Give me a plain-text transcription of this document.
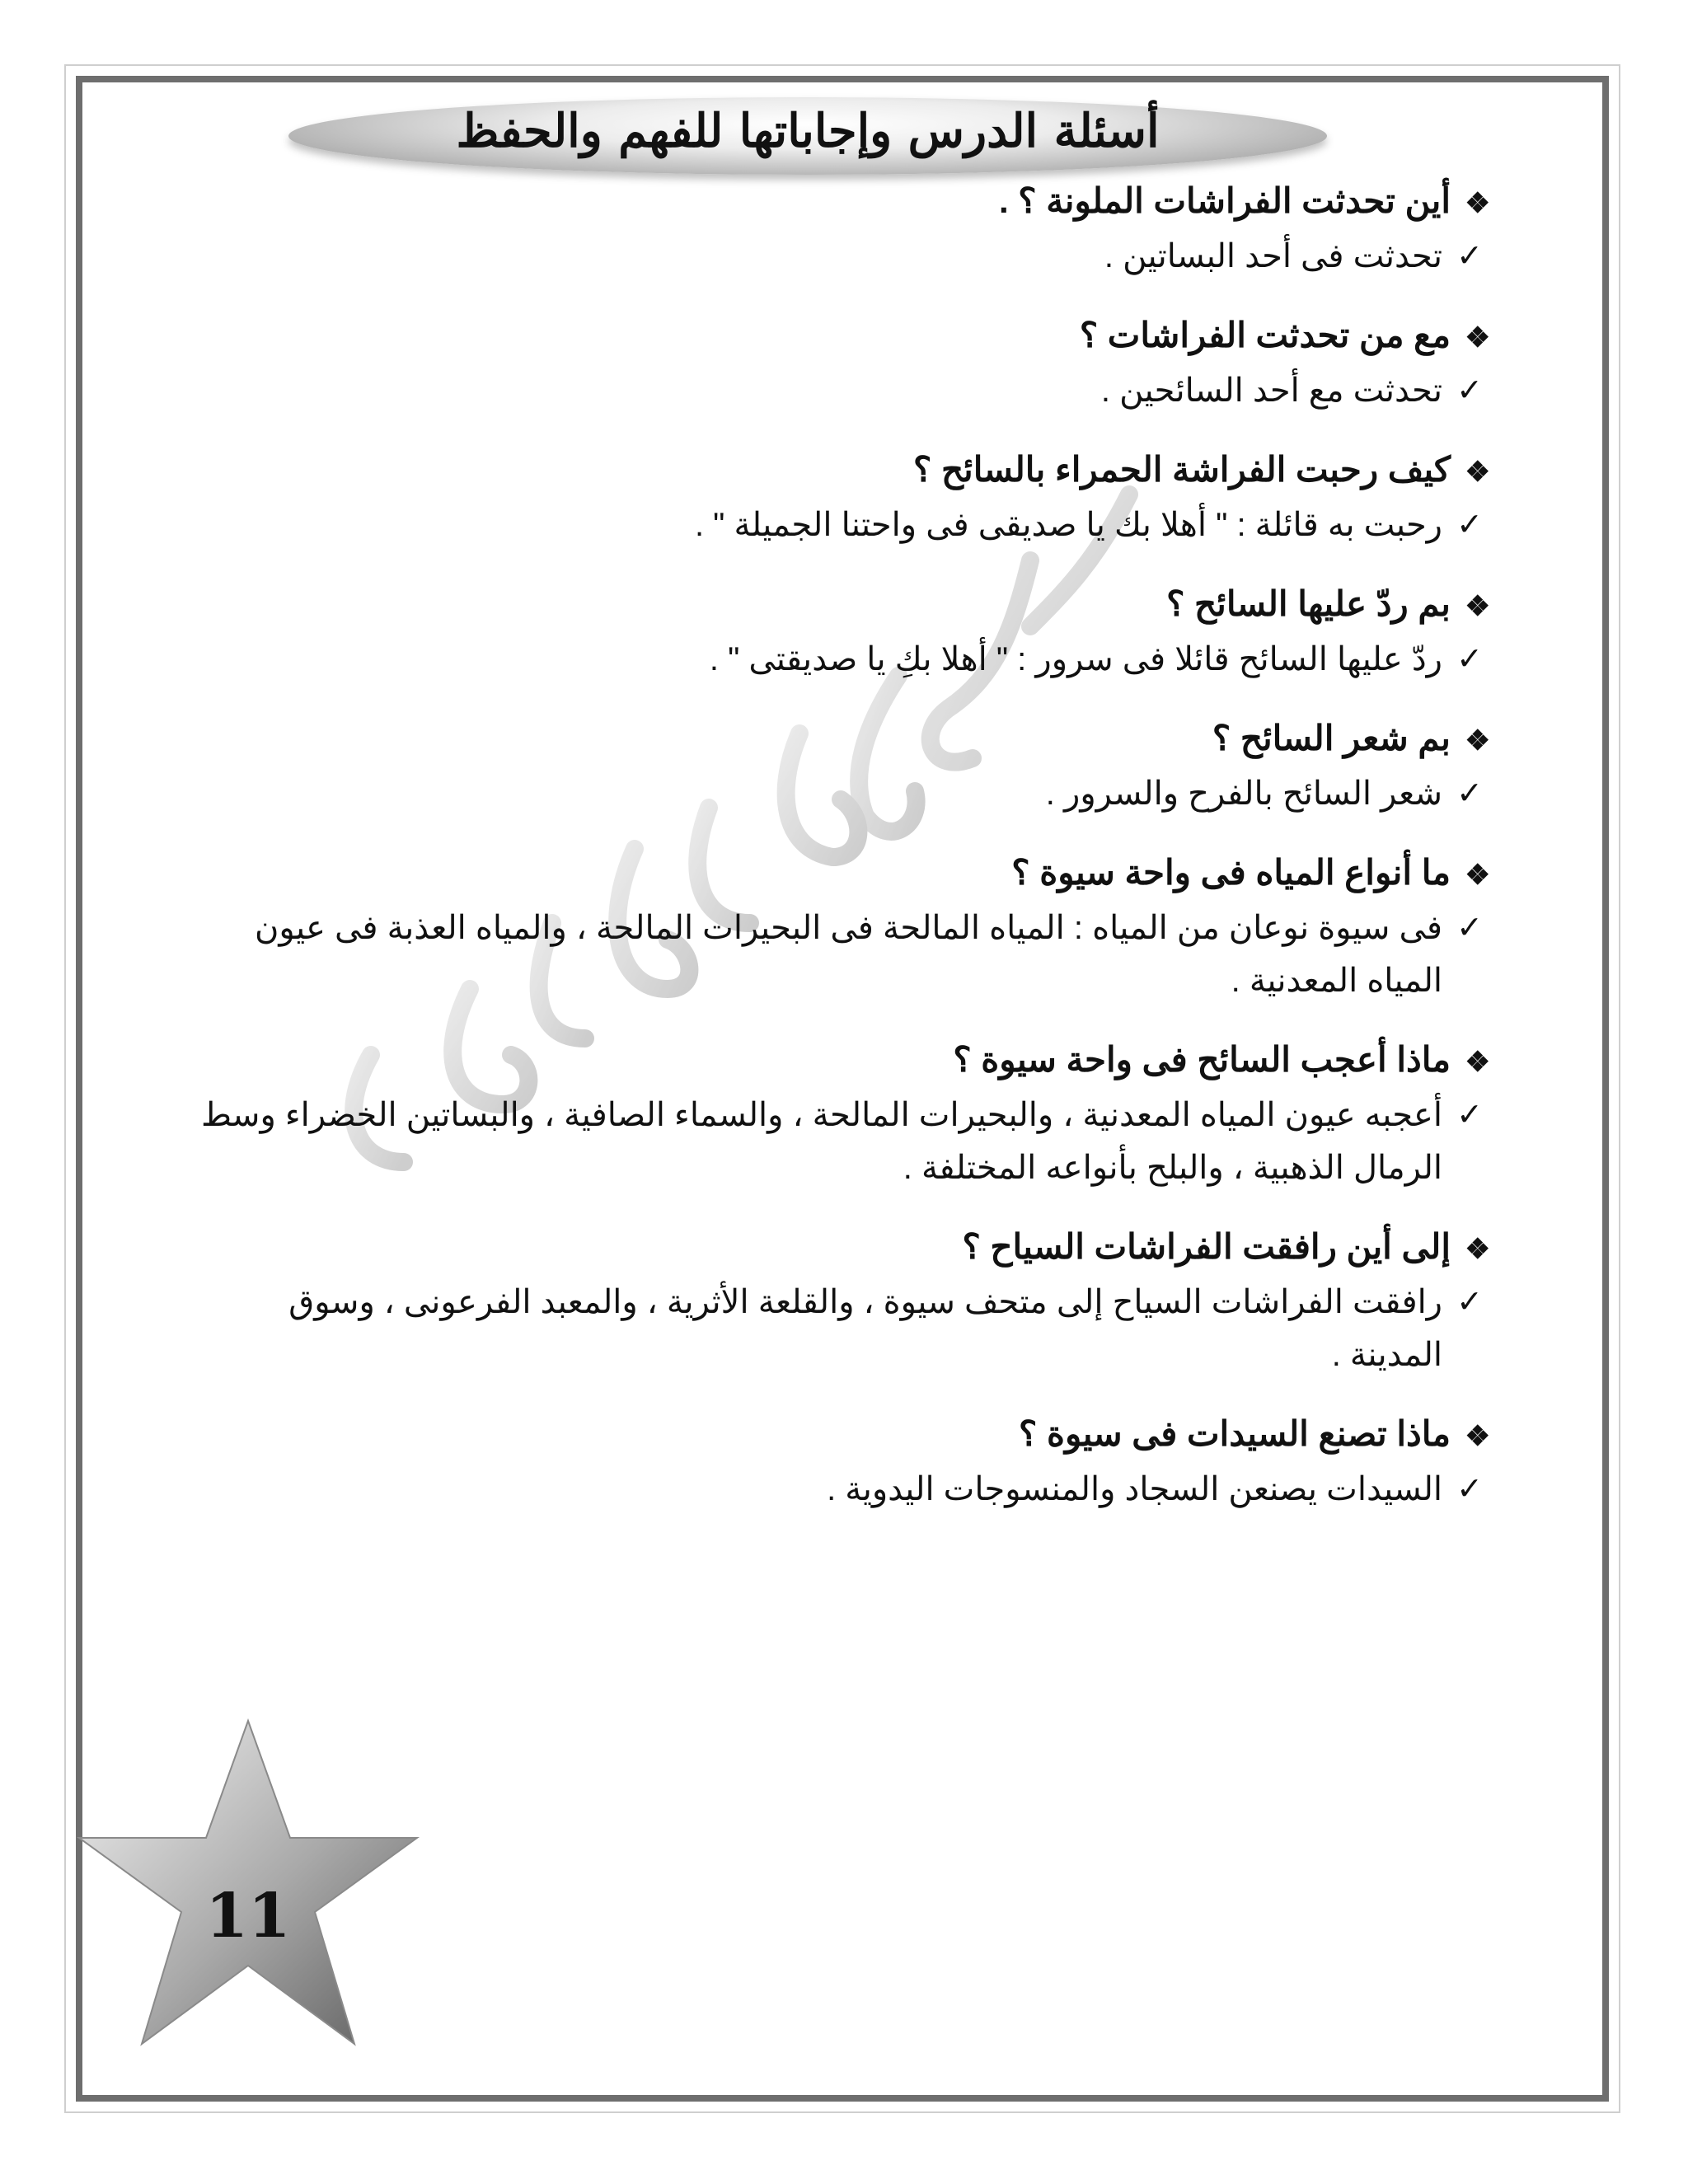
أسئلة الدرس وإجاباتها للفهم والحفظ

❖أين تحدثت الفراشات الملونة ؟ .

✓
تحدثت فى أحد البساتين .

❖مع من تحدثت الفراشات ؟

✓
تحدثت مع أحد السائحين .

❖كيف رحبت الفراشة الحمراء بالسائح ؟

✓
رحبت به قائلة : " أهلا بك يا صديقى فى واحتنا الجميلة " .

❖بم ردّ عليها السائح ؟

✓
ردّ عليها السائح قائلا فى سرور : " أهلا بكِ يا صديقتى " .

❖بم شعر السائح ؟

✓
شعر السائح بالفرح والسرور .

❖ما أنواع المياه فى واحة سيوة ؟

✓
فى سيوة نوعان من المياه : المياه المالحة فى البحيرات المالحة ، والمياه العذبة فى عيون المياه المعدنية .

❖ماذا أعجب السائح فى واحة سيوة ؟

✓
أعجبه عيون المياه المعدنية ، والبحيرات المالحة ، والسماء الصافية ، والبساتين الخضراء وسط الرمال الذهبية ، والبلح بأنواعه المختلفة .

❖إلى أين رافقت الفراشات السياح ؟

✓
رافقت الفراشات السياح إلى متحف سيوة ، والقلعة الأثرية ، والمعبد الفرعونى ، وسوق المدينة .

❖ماذا تصنع السيدات فى سيوة ؟

✓
السيدات يصنعن السجاد والمنسوجات اليدوية .

11
